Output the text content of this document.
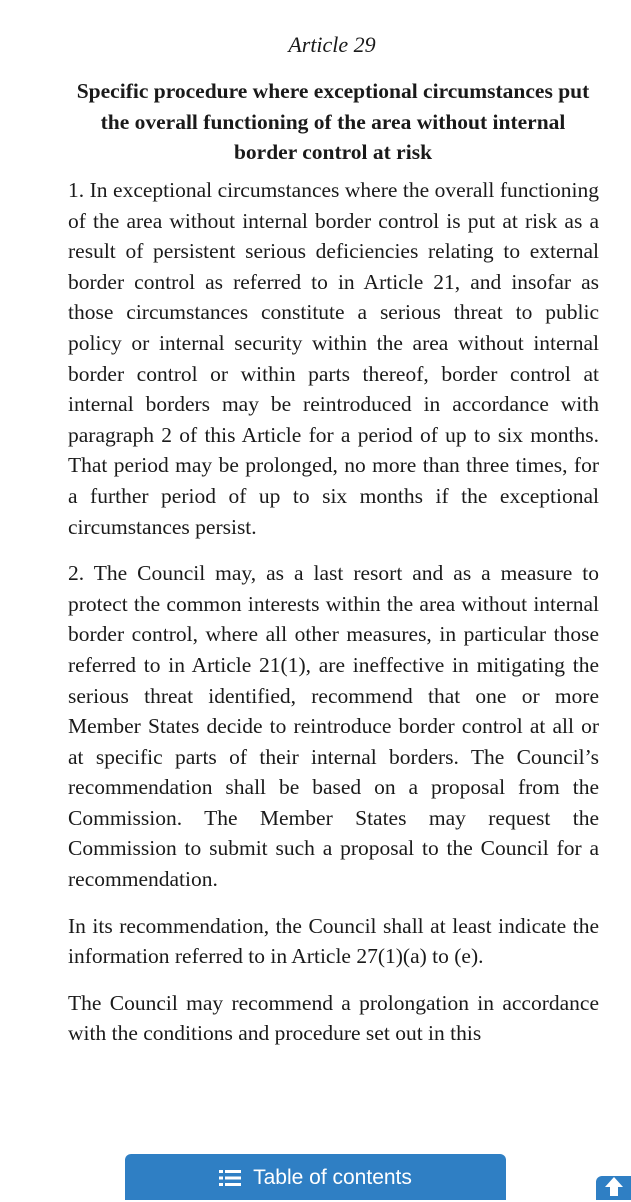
Article 29
Specific procedure where exceptional circumstances put the overall functioning of the area without internal border control at risk

1. In exceptional circumstances where the overall functioning of the area without internal border control is put at risk as a result of persistent serious deficiencies relating to external border control as referred to in Article 21, and insofar as those circumstances constitute a serious threat to public policy or internal security within the area without internal border control or within parts thereof, border control at internal borders may be reintroduced in accordance with paragraph 2 of this Article for a period of up to six months. That period may be prolonged, no more than three times, for a further period of up to six months if the exceptional circumstances persist.

2. The Council may, as a last resort and as a measure to protect the common interests within the area without internal border control, where all other measures, in particular those referred to in Article 21(1), are ineffective in mitigating the serious threat identified, recommend that one or more Member States decide to reintroduce border control at all or at specific parts of their internal borders. The Council’s recommendation shall be based on a proposal from the Commission. The Member States may request the Commission to submit such a proposal to the Council for a recommendation.

In its recommendation, the Council shall at least indicate the information referred to in Article 27(1)(a) to (e).

The Council may recommend a prolongation in accordance with the conditions and procedure set out in this

Table of contents
